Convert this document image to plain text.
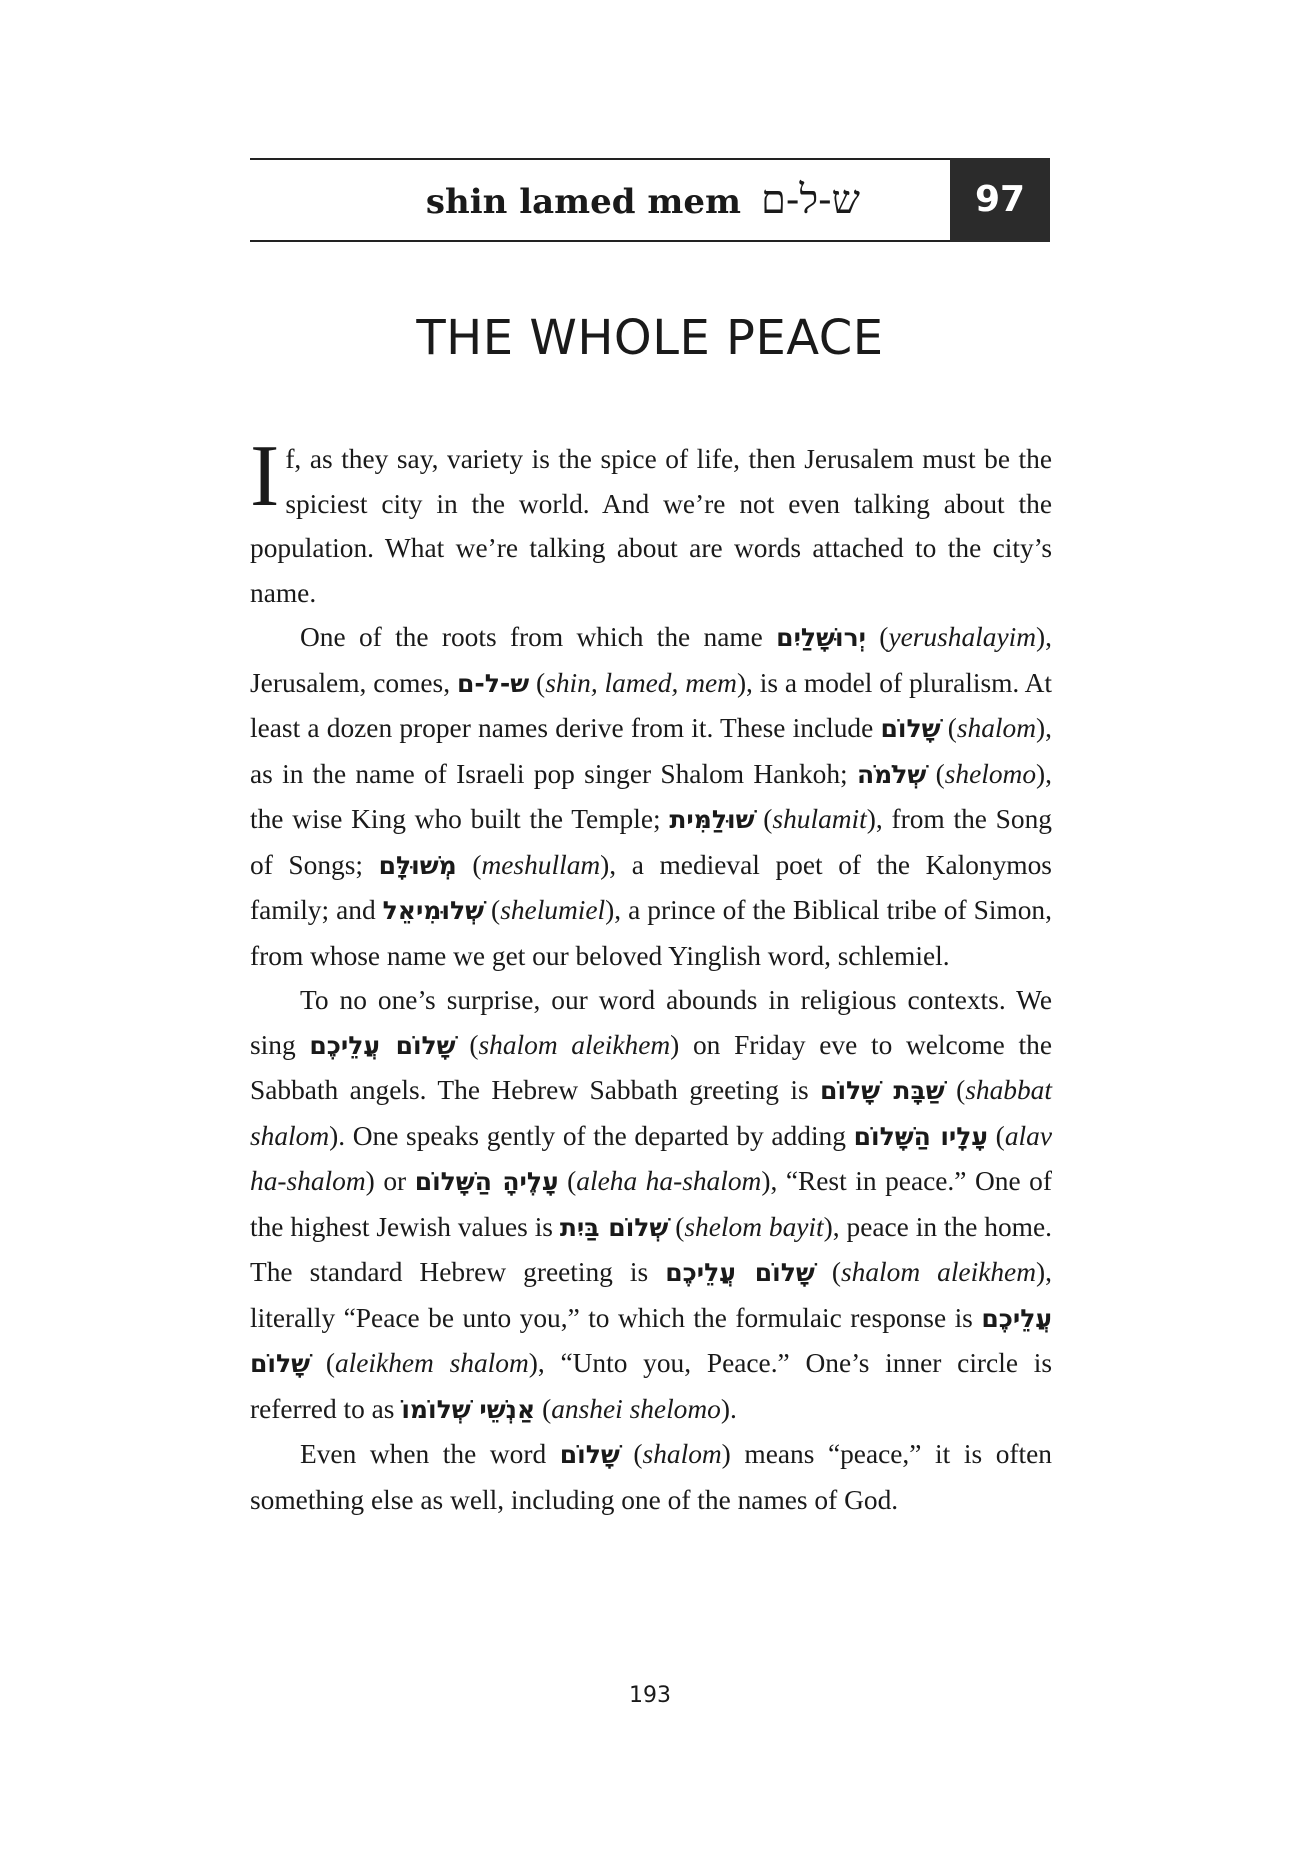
shin lamed mem ש-ל-ם	97
THE WHOLE PEACE

If, as they say, variety is the spice of life, then Jerusalem must be the spiciest city in the world. And we’re not even talking about the population. What we’re talking about are words attached to the city’s name.

One of the roots from which the name יְרוּשָׁלַיִם (yerushalayim), Jerusalem, comes, ש-ל-ם (shin, lamed, mem), is a model of pluralism. At least a dozen proper names derive from it. These include שָׁלוֹם (shalom), as in the name of Israeli pop singer Shalom Hankoh; שְׁלֹמֹה (shelomo), the wise King who built the Temple; שׁוּלַמִּית (shulamit), from the Song of Songs; מְשׁוּלָּם (meshullam), a medieval poet of the Kalonymos family; and שְׁלוּמִיאֵל (shelumiel), a prince of the Biblical tribe of Simon, from whose name we get our beloved Yinglish word, schlemiel.

To no one’s surprise, our word abounds in religious contexts. We sing שָׁלוֹם עֲלֵיכֶם (shalom aleikhem) on Friday eve to welcome the Sabbath angels. The Hebrew Sabbath greeting is שַׁבָּת שָׁלוֹם (shabbat shalom). One speaks gently of the departed by adding עָלָיו הַשָּׁלוֹם (alav ha-shalom) or עָלֶיהָ הַשָּׁלוֹם (aleha ha-shalom), “Rest in peace.” One of the highest Jewish values is שְׁלוֹם בַּיִת (shelom bayit), peace in the home. The standard Hebrew greeting is שָׁלוֹם עֲלֵיכֶם (shalom aleikhem), literally “Peace be unto you,” to which the formulaic response is עֲלֵיכֶם שָׁלוֹם (aleikhem shalom), “Unto you, Peace.” One’s inner circle is referred to as אַנְשֵׁי שְׁלוֹמוֹ (anshei shelomo).

Even when the word שָׁלוֹם (shalom) means “peace,” it is often something else as well, including one of the names of God.

193
